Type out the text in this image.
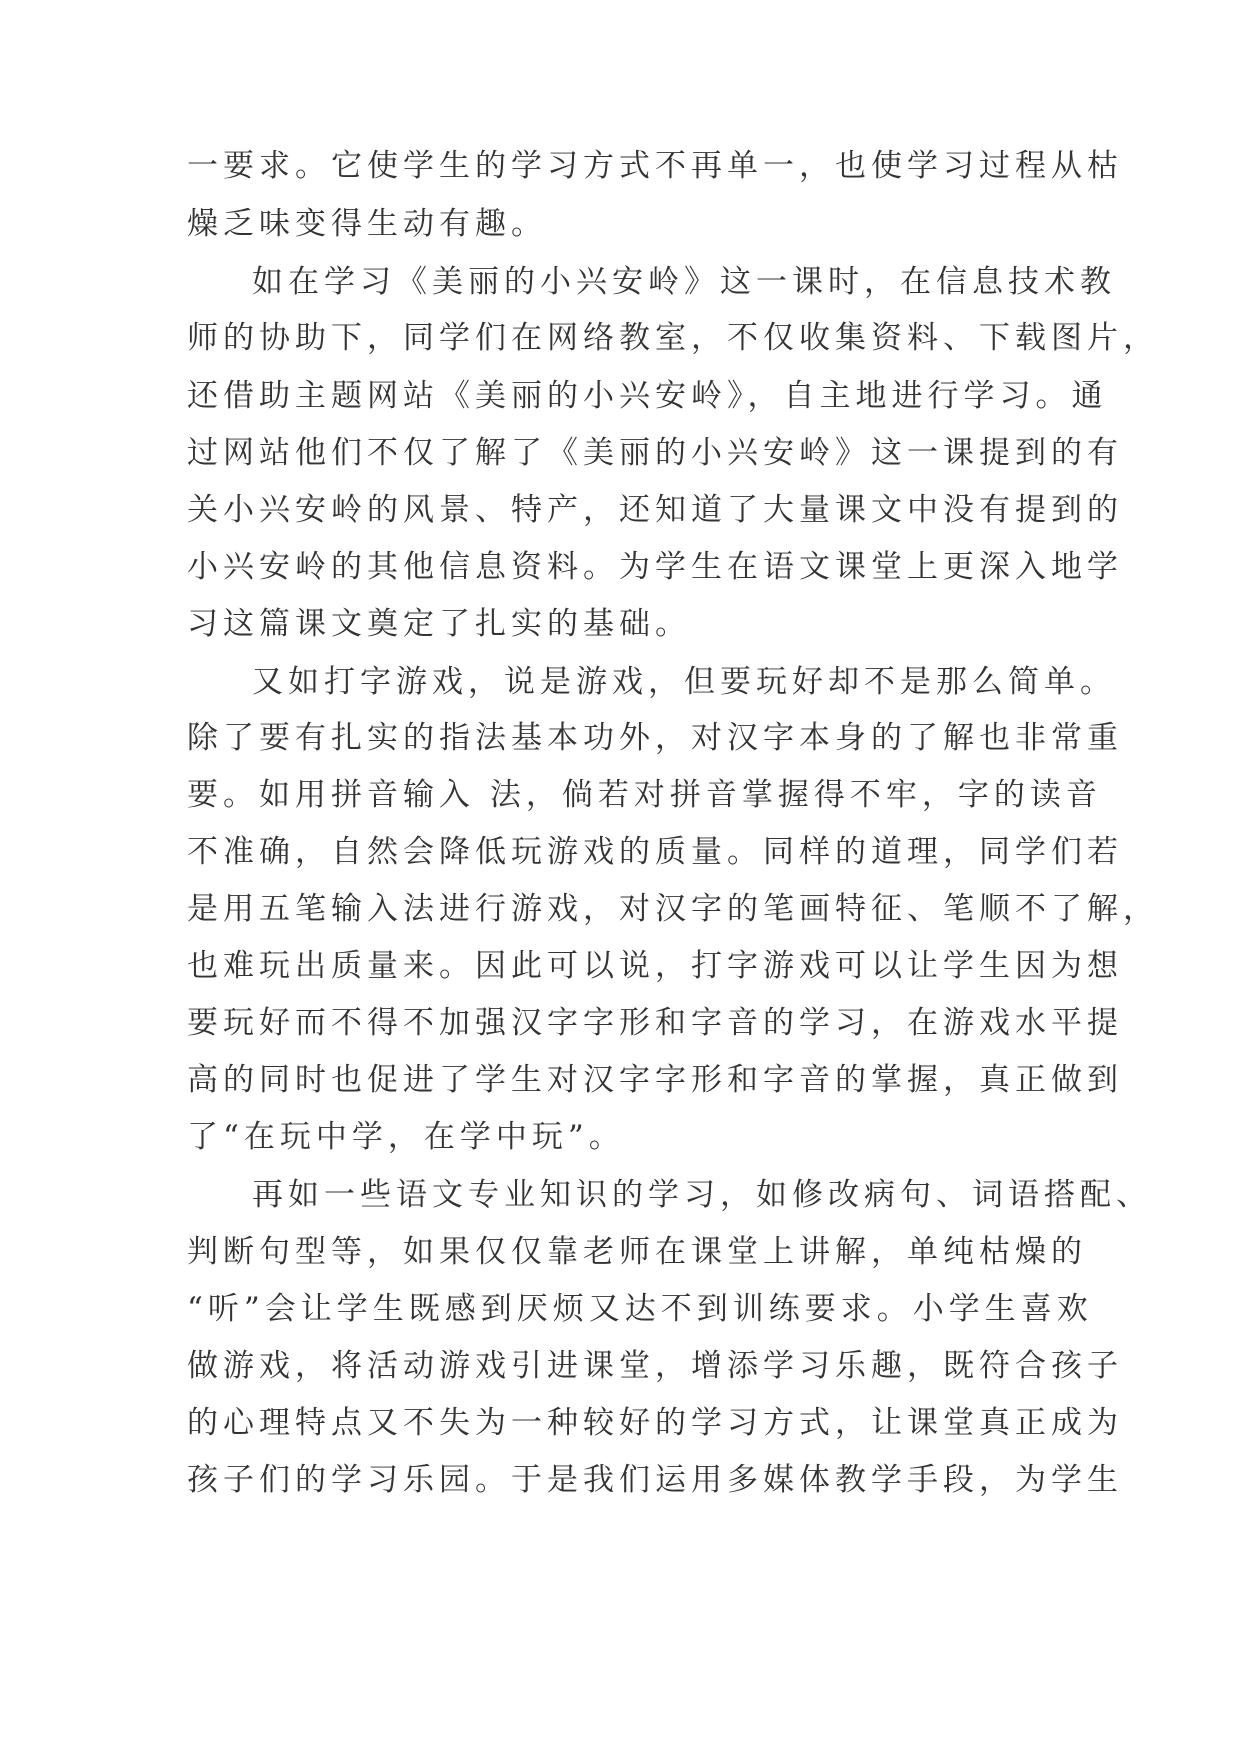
一要求。它使学生的学习方式不再单一，也使学习过程从枯
燥乏味变得生动有趣。
如在学习《美丽的小兴安岭》这一课时，在信息技术教
师的协助下，同学们在网络教室，不仅收集资料、下载图片，
还借助主题网站《美丽的小兴安岭》，自主地进行学习。通
过网站他们不仅了解了《美丽的小兴安岭》这一课提到的有
关小兴安岭的风景、特产，还知道了大量课文中没有提到的
小兴安岭的其他信息资料。为学生在语文课堂上更深入地学
习这篇课文奠定了扎实的基础。
又如打字游戏，说是游戏，但要玩好却不是那么简单。
除了要有扎实的指法基本功外，对汉字本身的了解也非常重
要。如用拼音输入 法，倘若对拼音掌握得不牢，字的读音
不准确，自然会降低玩游戏的质量。同样的道理，同学们若
是用五笔输入法进行游戏，对汉字的笔画特征、笔顺不了解，
也难玩出质量来。因此可以说，打字游戏可以让学生因为想
要玩好而不得不加强汉字字形和字音的学习，在游戏水平提
高的同时也促进了学生对汉字字形和字音的掌握，真正做到
了“在玩中学，在学中玩”。
再如一些语文专业知识的学习，如修改病句、词语搭配、
判断句型等，如果仅仅靠老师在课堂上讲解，单纯枯燥的
“听”会让学生既感到厌烦又达不到训练要求。小学生喜欢
做游戏，将活动游戏引进课堂，增添学习乐趣，既符合孩子
的心理特点又不失为一种较好的学习方式，让课堂真正成为
孩子们的学习乐园。于是我们运用多媒体教学手段，为学生
